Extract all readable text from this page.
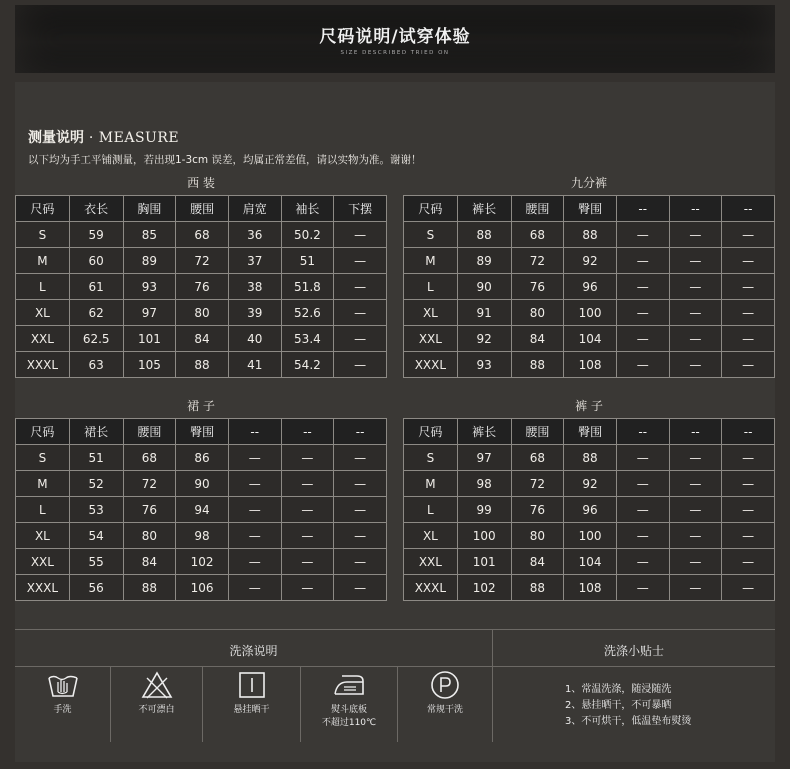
尺码说明/试穿体验
SIZE DESCRIBED TRIED ON
测量说明 · MEASURE
以下均为手工平铺测量，若出现1-3cm 误差，均属正常差值，请以实物为准。谢谢！
西 装	九分裤
裙 子	裤 子
尺码	衣长	胸围	腰围	肩宽	袖长	下摆
S	59	85	68	36	50.2	—
M	60	89	72	37	51	—
L	61	93	76	38	51.8	—
XL	62	97	80	39	52.6	—
XXL	62.5	101	84	40	53.4	—
XXXL	63	105	88	41	54.2	—
尺码	裤长	腰围	臀围	--	--	--
S	88	68	88	—	—	—
M	89	72	92	—	—	—
L	90	76	96	—	—	—
XL	91	80	100	—	—	—
XXL	92	84	104	—	—	—
XXXL	93	88	108	—	—	—
尺码	裙长	腰围	臀围	--	--	--
S	51	68	86	—	—	—
M	52	72	90	—	—	—
L	53	76	94	—	—	—
XL	54	80	98	—	—	—
XXL	55	84	102	—	—	—
XXXL	56	88	106	—	—	—
尺码	裤长	腰围	臀围	--	--	--
S	97	68	88	—	—	—
M	98	72	92	—	—	—
L	99	76	96	—	—	—
XL	100	80	100	—	—	—
XXL	101	84	104	—	—	—
XXXL	102	88	108	—	—	—
洗涤说明	洗涤小贴士
手洗	不可漂白	悬挂晒干	熨斗底板
不超过110℃
常规干洗
1、常温洗涤，随浸随洗
2、悬挂晒干，不可暴晒
3、不可烘干，低温垫布熨烫
